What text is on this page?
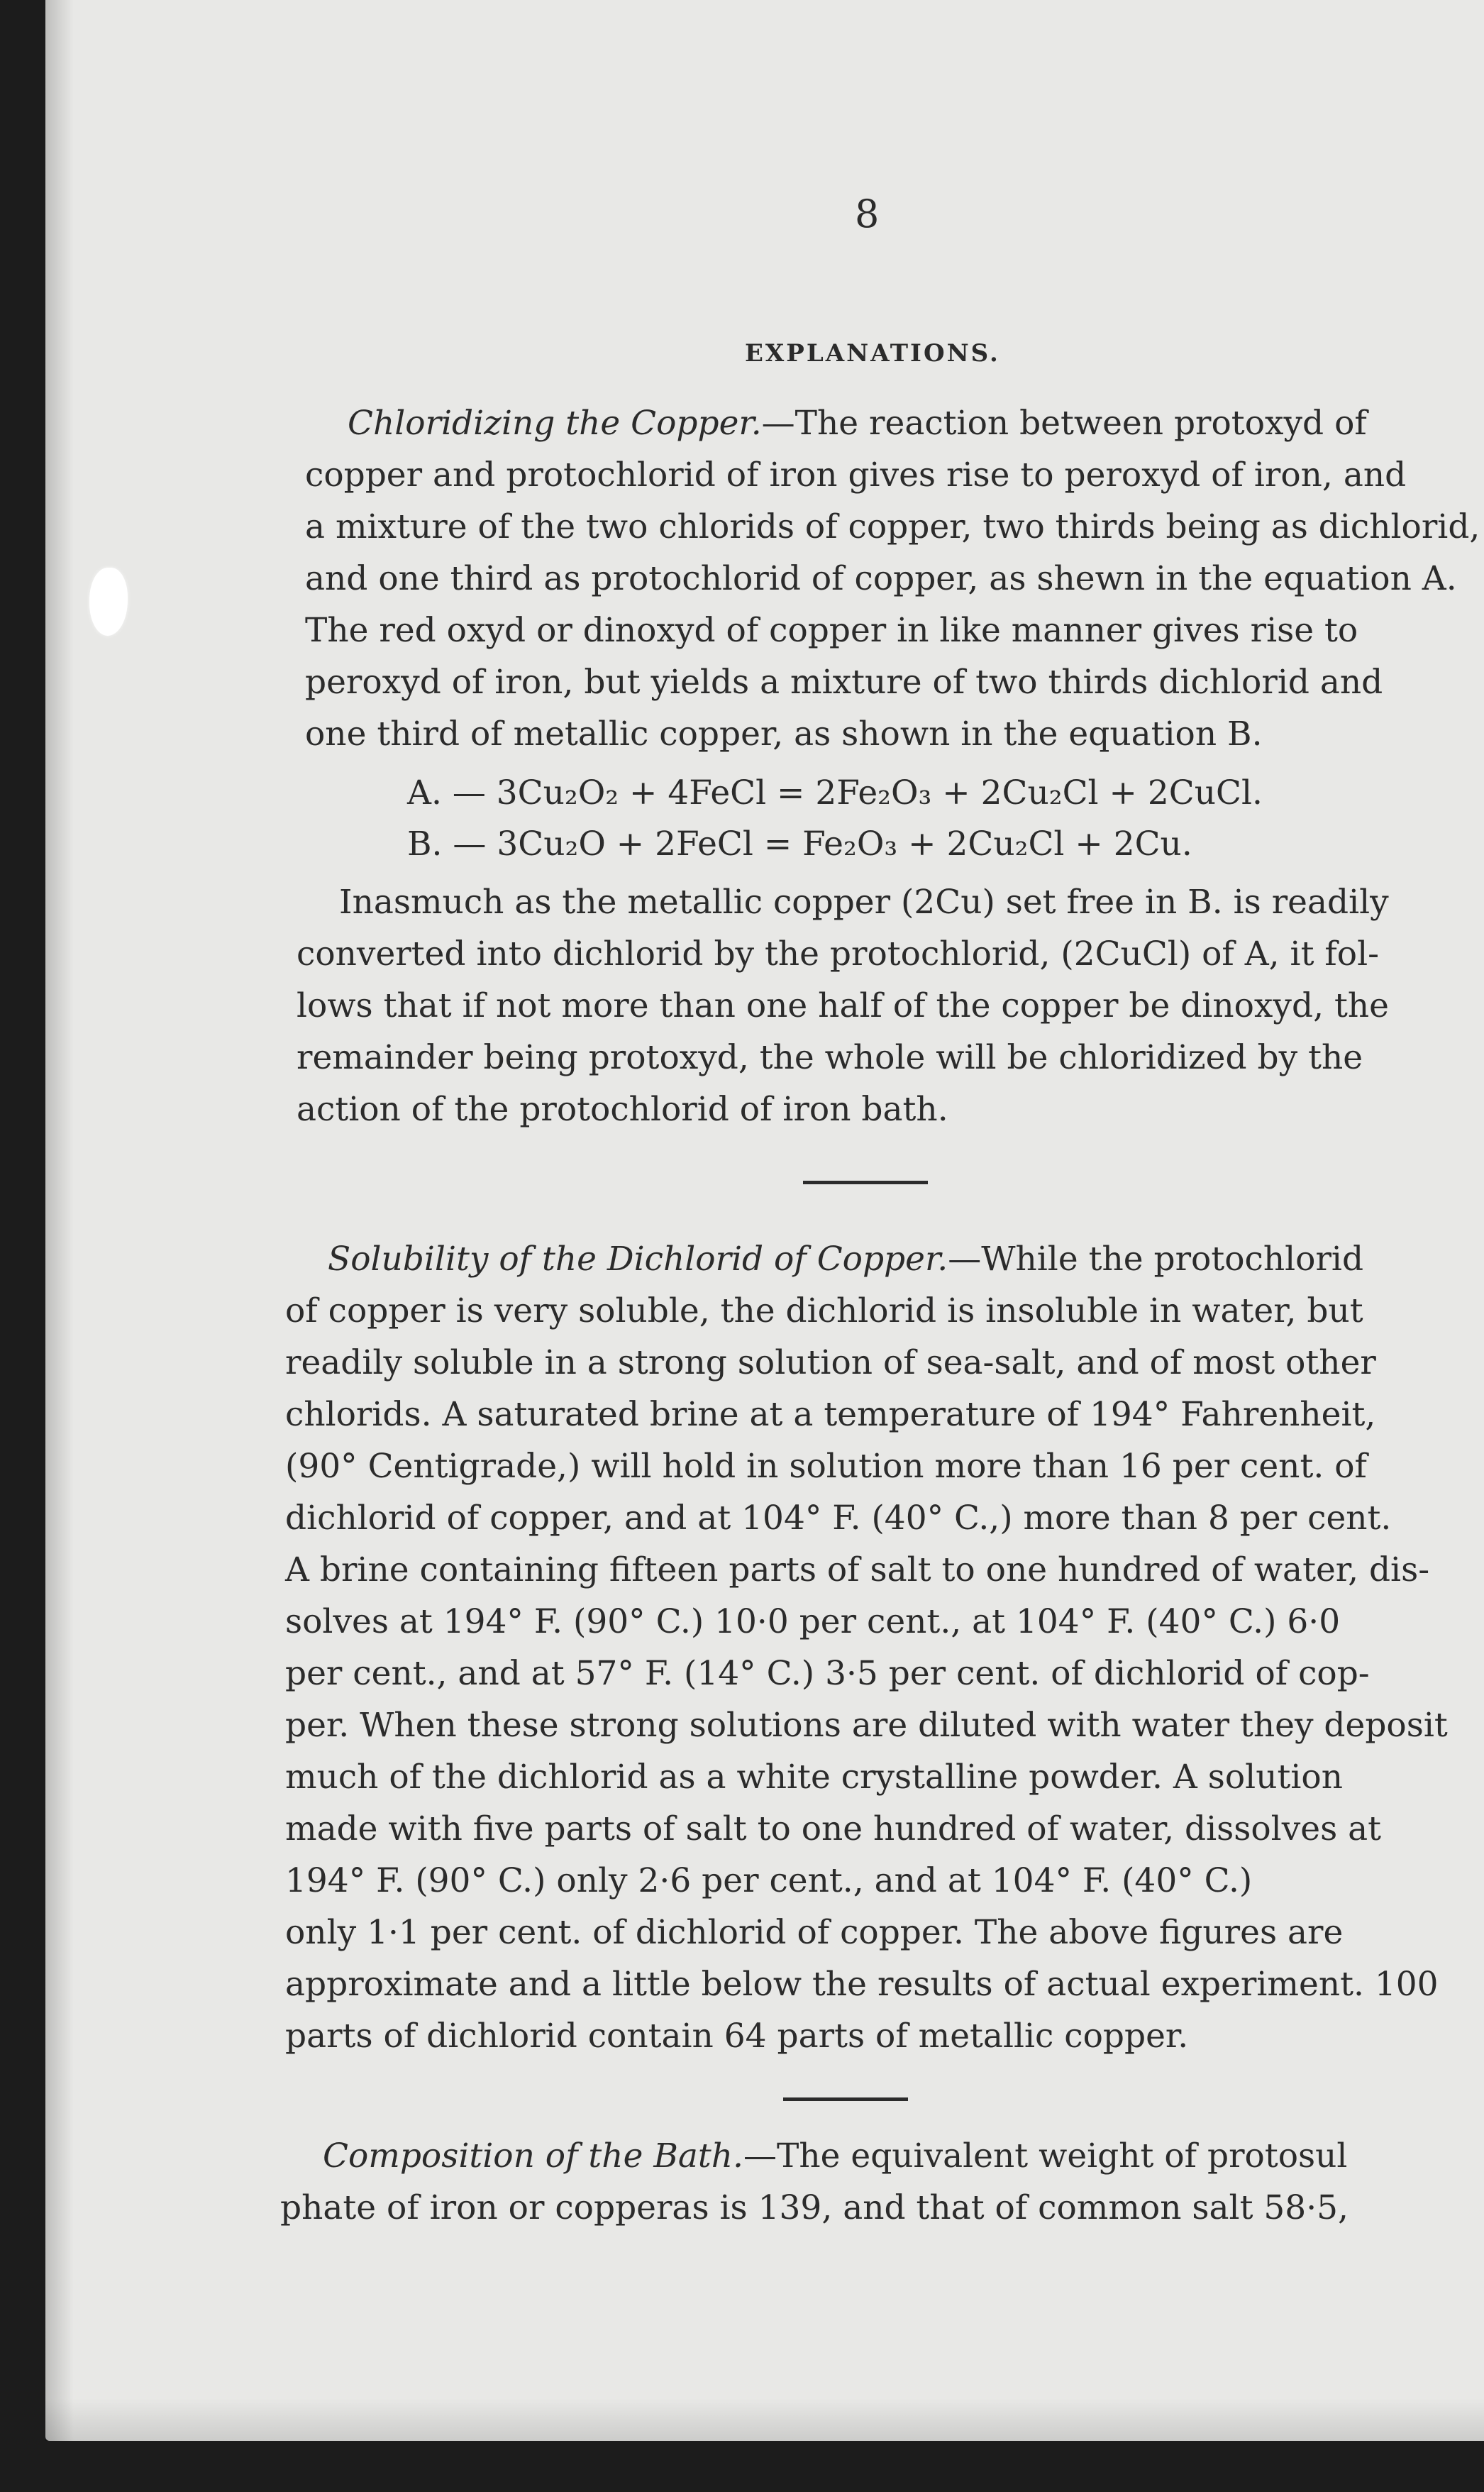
8
EXPLANATIONS.
Chloridizing the Copper.—The reaction between protoxyd of
copper and protochlorid of iron gives rise to peroxyd of iron, and
a mixture of the two chlorids of copper, two thirds being as dichlorid,
and one third as protochlorid of copper, as shewn in the equation A.
The red oxyd or dinoxyd of copper in like manner gives rise to
peroxyd of iron, but yields a mixture of two thirds dichlorid and
one third of metallic copper, as shown in the equation B.
A. — 3Cu₂O₂ + 4FeCl = 2Fe₂O₃ + 2Cu₂Cl + 2CuCl.
B. — 3Cu₂O + 2FeCl = Fe₂O₃ + 2Cu₂Cl + 2Cu.
Inasmuch as the metallic copper (2Cu) set free in B. is readily
converted into dichlorid by the protochlorid, (2CuCl) of A, it fol-
lows that if not more than one half of the copper be dinoxyd, the
remainder being protoxyd, the whole will be chloridized by the
action of the protochlorid of iron bath.
Solubility of the Dichlorid of Copper.—While the protochlorid
of copper is very soluble, the dichlorid is insoluble in water, but
readily soluble in a strong solution of sea-salt, and of most other
chlorids. A saturated brine at a temperature of 194° Fahrenheit,
(90° Centigrade,) will hold in solution more than 16 per cent. of
dichlorid of copper, and at 104° F. (40° C.,) more than 8 per cent.
A brine containing fifteen parts of salt to one hundred of water, dis-
solves at 194° F. (90° C.) 10·0 per cent., at 104° F. (40° C.) 6·0
per cent., and at 57° F. (14° C.) 3·5 per cent. of dichlorid of cop-
per. When these strong solutions are diluted with water they deposit
much of the dichlorid as a white crystalline powder. A solution
made with five parts of salt to one hundred of water, dissolves at
194° F. (90° C.) only 2·6 per cent., and at 104° F. (40° C.)
only 1·1 per cent. of dichlorid of copper. The above figures are
approximate and a little below the results of actual experiment. 100
parts of dichlorid contain 64 parts of metallic copper.
Composition of the Bath.—The equivalent weight of protosul
phate of iron or copperas is 139, and that of common salt 58·5,
